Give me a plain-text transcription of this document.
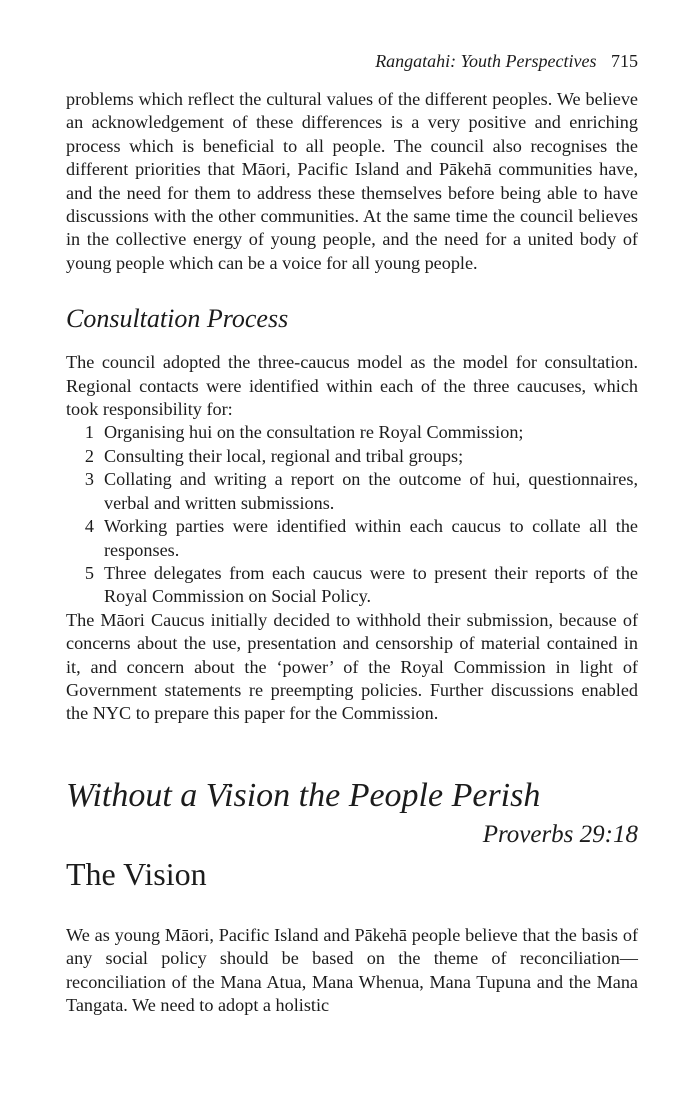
Rangatahi: Youth Perspectives 715

problems which reflect the cultural values of the different peoples. We believe an acknowledgement of these differences is a very positive and enriching process which is beneficial to all people. The council also recognises the different priorities that Māori, Pacific Island and Pākehā communities have, and the need for them to address these themselves before being able to have discussions with the other communities. At the same time the council believes in the collective energy of young people, and the need for a united body of young people which can be a voice for all young people.

Consultation Process

The council adopted the three-caucus model as the model for consultation. Regional contacts were identified within each of the three caucuses, which took responsibility for:

1 Organising hui on the consultation re Royal Commission;
2 Consulting their local, regional and tribal groups;
3 Collating and writing a report on the outcome of hui, questionnaires, verbal and written submissions.
4 Working parties were identified within each caucus to collate all the responses.
5 Three delegates from each caucus were to present their reports of the Royal Commission on Social Policy.

The Māori Caucus initially decided to withhold their submission, because of concerns about the use, presentation and censorship of material contained in it, and concern about the ‘power’ of the Royal Commission in light of Government statements re preempting policies. Further discussions enabled the NYC to prepare this paper for the Commission.

Without a Vision the People Perish
Proverbs 29:18
The Vision

We as young Māori, Pacific Island and Pākehā people believe that the basis of any social policy should be based on the theme of reconciliation—reconciliation of the Mana Atua, Mana Whenua, Mana Tupuna and the Mana Tangata. We need to adopt a holistic
